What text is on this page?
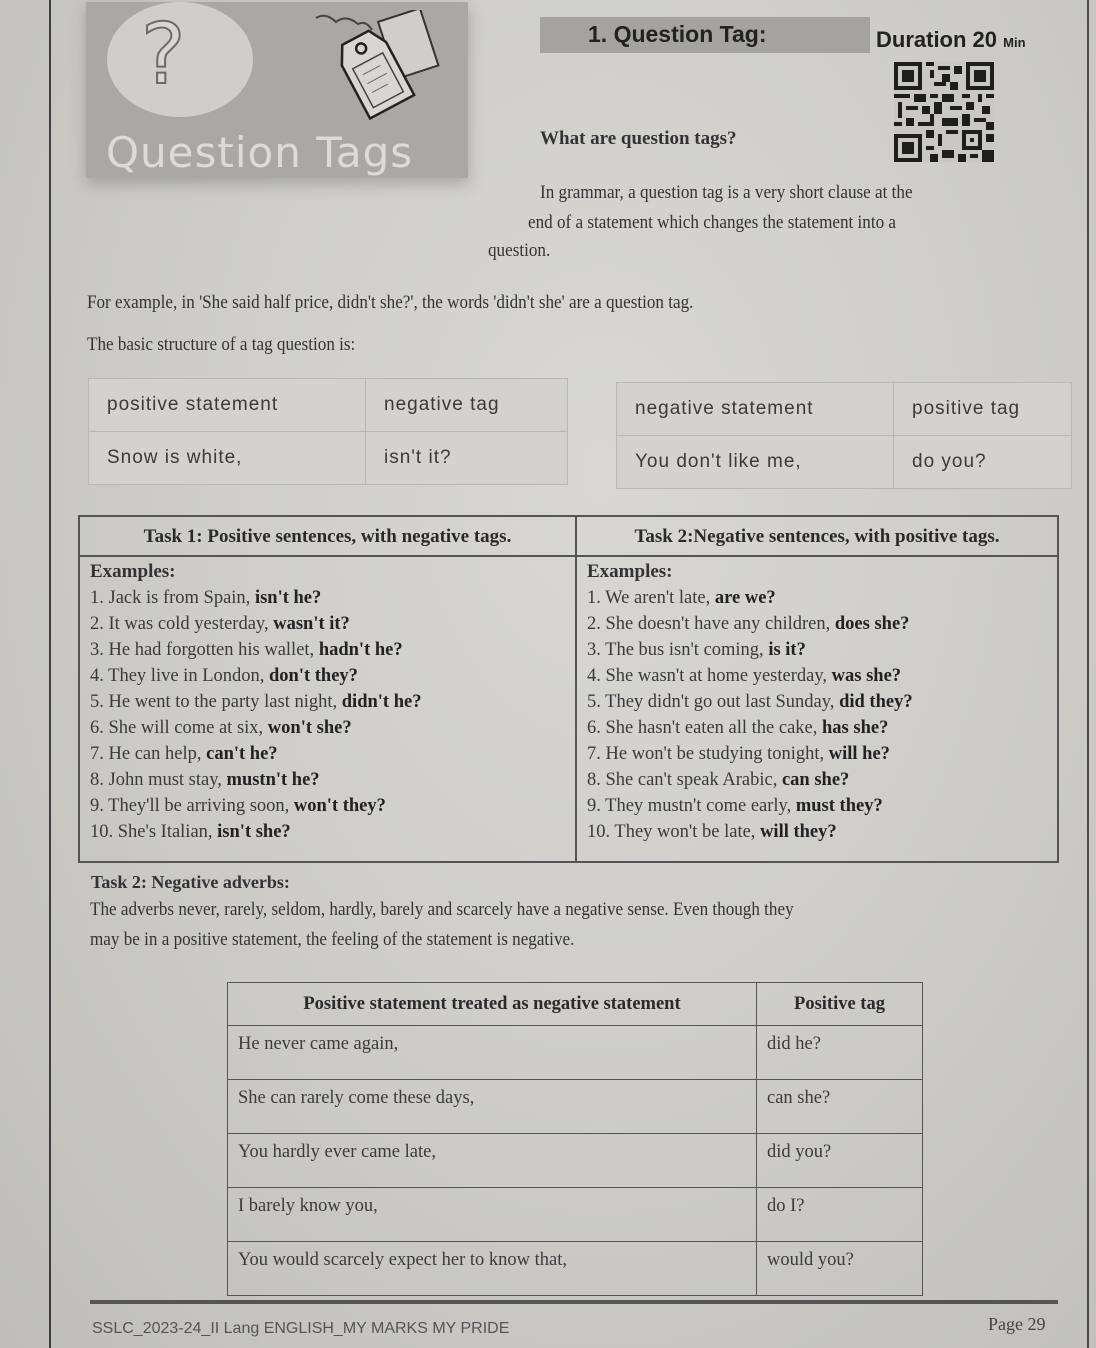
?
Question Tags
1. Question Tag:	Duration 20 Min
What are question tags?
In grammar, a question tag is a very short clause at the
end of a statement which changes the statement into a
question.
For example, in 'She said half price, didn't she?', the words 'didn't she' are a question tag.
The basic structure of a tag question is:
positive statement	negative tag
Snow is white,	isn't it?
negative statement	positive tag
You don't like me,	do you?
Task 1: Positive sentences, with negative tags.	Task 2:Negative sentences, with positive tags.
Examples:
1. Jack is from Spain, isn't he?
2. It was cold yesterday, wasn't it?
3. He had forgotten his wallet, hadn't he?
4. They live in London, don't they?
5. He went to the party last night, didn't he?
6. She will come at six, won't she?
7. He can help, can't he?
8. John must stay, mustn't he?
9. They'll be arriving soon, won't they?
10. She's Italian, isn't she?
Examples:
1. We aren't late, are we?
2. She doesn't have any children, does she?
3. The bus isn't coming, is it?
4. She wasn't at home yesterday, was she?
5. They didn't go out last Sunday, did they?
6. She hasn't eaten all the cake, has she?
7. He won't be studying tonight, will he?
8. She can't speak Arabic, can she?
9. They mustn't come early, must they?
10. They won't be late, will they?
Task 2: Negative adverbs:
The adverbs never, rarely, seldom, hardly, barely and scarcely have a negative sense. Even though they
may be in a positive statement, the feeling of the statement is negative.
Positive statement treated as negative statement	Positive tag
He never came again,	did he?
She can rarely come these days,	can she?
You hardly ever came late,	did you?
I barely know you,	do I?
You would scarcely expect her to know that,	would you?
SSLC_2023-24_II Lang ENGLISH_MY MARKS MY PRIDE	Page 29
